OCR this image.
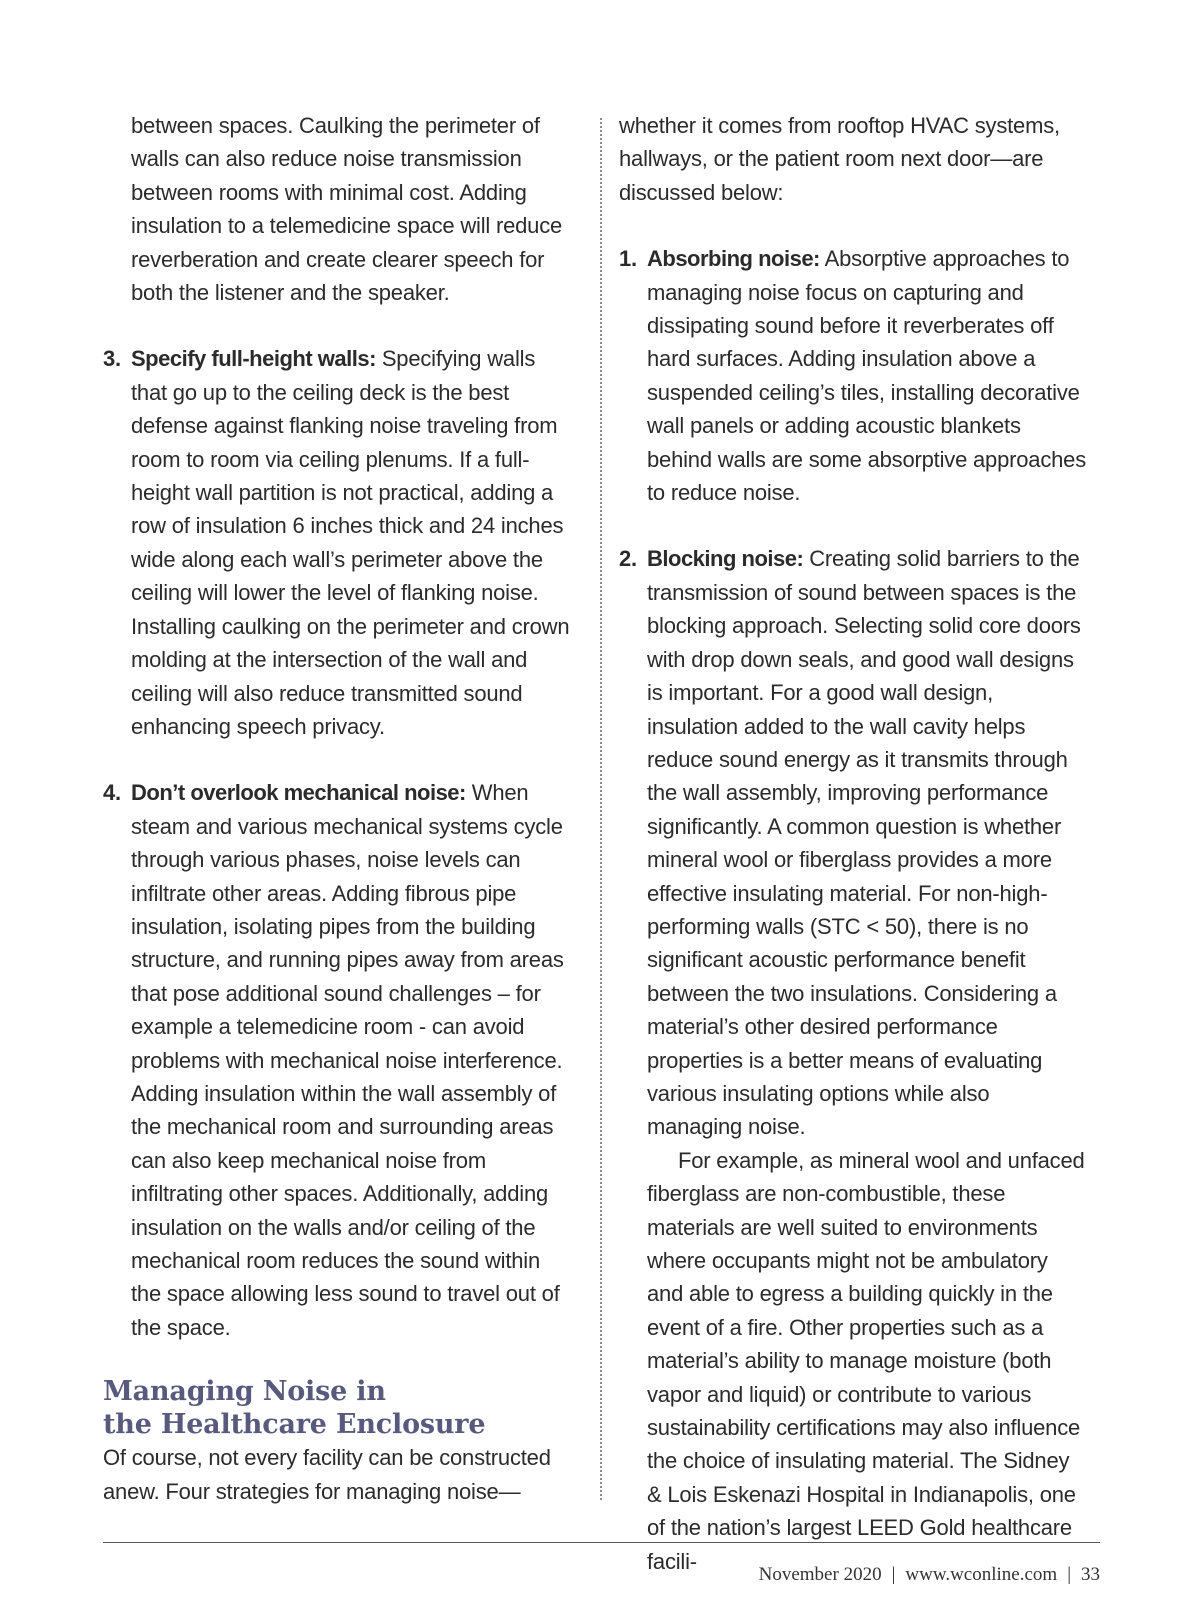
between spaces. Caulking the perimeter of walls can also reduce noise transmission between rooms with minimal cost. Adding insulation to a telemedicine space will reduce reverberation and create clearer speech for both the listener and the speaker.

3. Specify full-height walls: Specifying walls that go up to the ceiling deck is the best defense against flanking noise traveling from room to room via ceiling plenums. If a full-height wall partition is not practical, adding a row of insulation 6 inches thick and 24 inches wide along each wall’s perimeter above the ceiling will lower the level of flanking noise. Installing caulking on the perimeter and crown molding at the intersection of the wall and ceiling will also reduce transmitted sound enhancing speech privacy.
4. Don’t overlook mechanical noise: When steam and various mechanical systems cycle through various phases, noise levels can infiltrate other areas. Adding fibrous pipe insulation, isolating pipes from the building structure, and running pipes away from areas that pose additional sound challenges – for example a telemedicine room - can avoid problems with mechanical noise interference. Adding insulation within the wall assembly of the mechanical room and surrounding areas can also keep mechanical noise from infiltrating other spaces. Additionally, adding insulation on the walls and/or ceiling of the mechanical room reduces the sound within the space allowing less sound to travel out of the space.
Managing Noise in
the Healthcare Enclosure

Of course, not every facility can be constructed anew. Four strategies for managing noise—

whether it comes from rooftop HVAC systems, hallways, or the patient room next door—are discussed below:

1. Absorbing noise: Absorptive approaches to managing noise focus on capturing and dissipating sound before it reverberates off hard surfaces. Adding insulation above a suspended ceiling’s tiles, installing decorative wall panels or adding acoustic blankets behind walls are some absorptive approaches to reduce noise.
2. Blocking noise: Creating solid barriers to the transmission of sound between spaces is the blocking approach. Selecting solid core doors with drop down seals, and good wall designs is important. For a good wall design, insulation added to the wall cavity helps reduce sound energy as it transmits through the wall assembly, improving performance significantly. A common question is whether mineral wool or fiberglass provides a more effective insulating material. For non-high-performing walls (STC < 50), there is no significant acoustic performance benefit between the two insulations. Considering a material’s other desired performance properties is a better means of evaluating various insulating options while also managing noise.

For example, as mineral wool and unfaced fiberglass are non-combustible, these materials are well suited to environments where occupants might not be ambulatory and able to egress a building quickly in the event of a fire. Other properties such as a material’s ability to manage moisture (both vapor and liquid) or contribute to various sustainability certifications may also influence the choice of insulating material. The Sidney & Lois Eskenazi Hospital in Indianapolis, one of the nation’s largest LEED Gold healthcare facili-

November 2020 | www.wconline.com | 33
